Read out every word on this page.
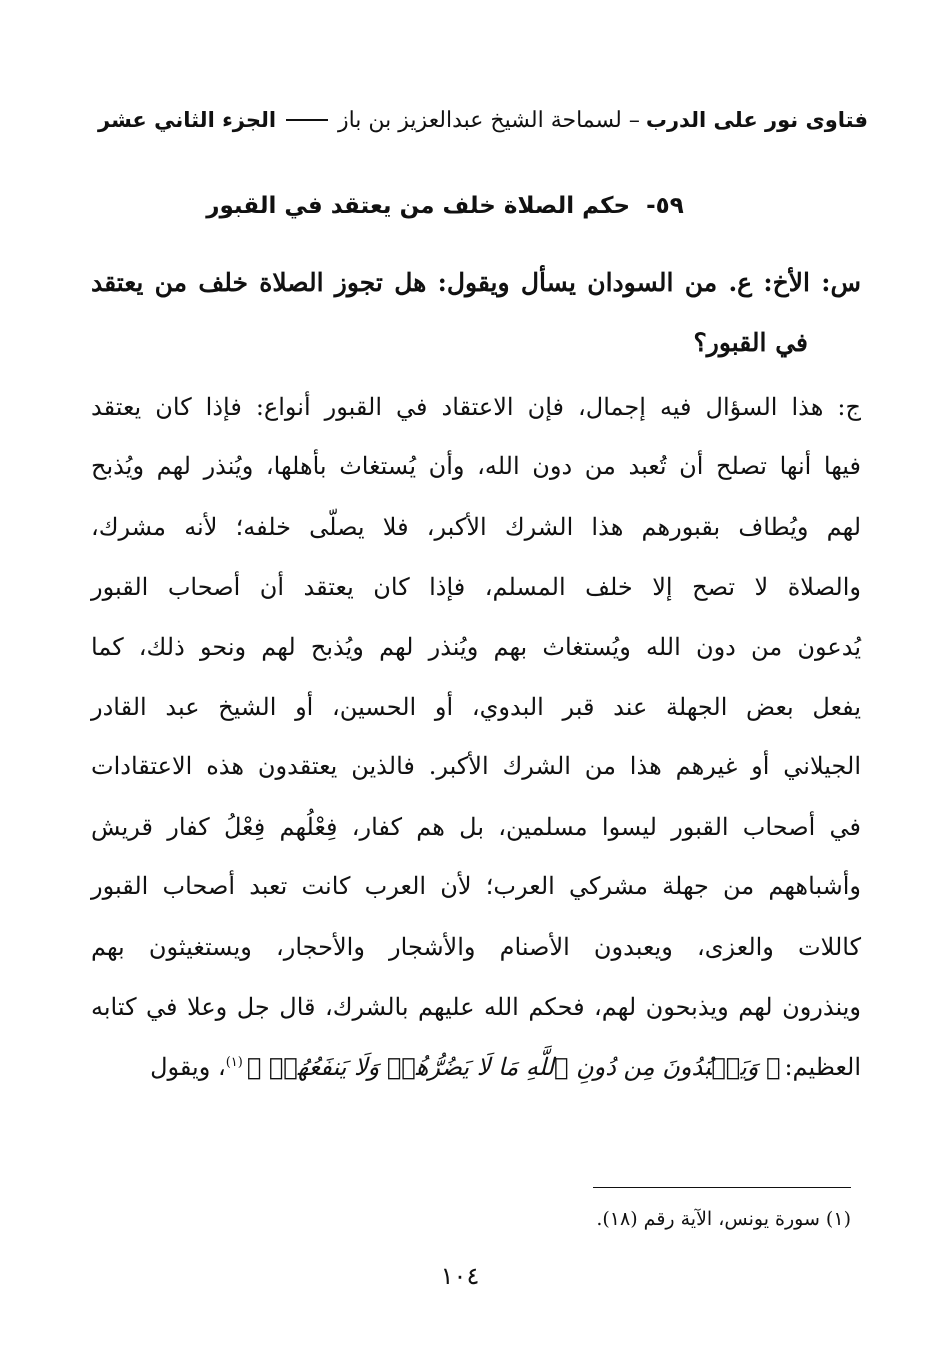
فتاوى نور على الدرب
– لسماحة الشيخ عبدالعزيز بن باز
الجزء الثاني عشر
٥٩-حكم الصلاة خلف من يعتقد في القبور
س: الأخ: ع. من السودان يسأل ويقول: هل تجوز الصلاة خلف من يعتقد
في القبور؟
ج: هذا السؤال فيه إجمال، فإن الاعتقاد في القبور أنواع: فإذا كان يعتقد
فيها أنها تصلح أن تُعبد من دون الله، وأن يُستغاث بأهلها، ويُنذر لهم ويُذبح
لهم ويُطاف بقبورهم هذا الشرك الأكبر، فلا يصلّى خلفه؛ لأنه مشرك،
والصلاة لا تصح إلا خلف المسلم، فإذا كان يعتقد أن أصحاب القبور
يُدعون من دون الله ويُستغاث بهم ويُنذر لهم ويُذبح لهم ونحو ذلك، كما
يفعل بعض الجهلة عند قبر البدوي، أو الحسين، أو الشيخ عبد القادر
الجيلاني أو غيرهم هذا من الشرك الأكبر. فالذين يعتقدون هذه الاعتقادات
في أصحاب القبور ليسوا مسلمين، بل هم كفار، فِعْلُهم فِعْلُ كفار قريش
وأشباههم من جهلة مشركي العرب؛ لأن العرب كانت تعبد أصحاب القبور
كاللات والعزى، ويعبدون الأصنام والأشجار والأحجار، ويستغيثون بهم
وينذرون لهم ويذبحون لهم، فحكم الله عليهم بالشرك، قال جل وعلا في كتابه
العظيم:﴿ وَيَعۡبُدُونَ مِن دُونِ ٱللَّهِ مَا لَا يَضُرُّهُمۡ وَلَا يَنفَعُهُمۡ ﴾$^{(١)}$، ويقول
(١) سورة يونس، الآية رقم (١٨).
١٠٤
